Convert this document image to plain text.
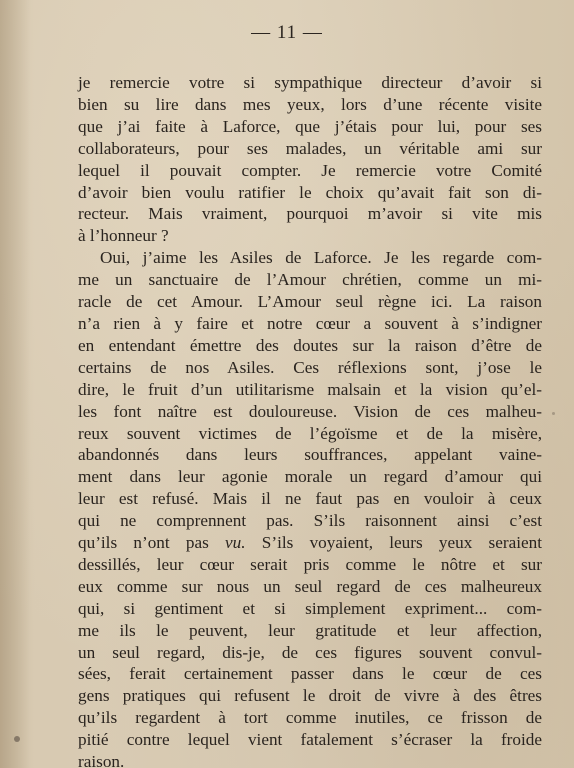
— 11 —
je remercie votre si sympathique directeur d’avoir si
bien su lire dans mes yeux, lors d’une récente visite
que j’ai faite à Laforce, que j’étais pour lui, pour ses
collaborateurs, pour ses malades, un véritable ami sur
lequel il pouvait compter. Je remercie votre Comité
d’avoir bien voulu ratifier le choix qu’avait fait son di-
recteur. Mais vraiment, pourquoi m’avoir si vite mis
à l’honneur ?
Oui, j’aime les Asiles de Laforce. Je les regarde com-
me un sanctuaire de l’Amour chrétien, comme un mi-
racle de cet Amour. L’Amour seul règne ici. La raison
n’a rien à y faire et notre cœur a souvent à s’indigner
en entendant émettre des doutes sur la raison d’être de
certains de nos Asiles. Ces réflexions sont, j’ose le
dire, le fruit d’un utilitarisme malsain et la vision qu’el-
les font naître est douloureuse. Vision de ces malheu-
reux souvent victimes de l’égoïsme et de la misère,
abandonnés dans leurs souffrances, appelant vaine-
ment dans leur agonie morale un regard d’amour qui
leur est refusé. Mais il ne faut pas en vouloir à ceux
qui ne comprennent pas. S’ils raisonnent ainsi c’est
qu’ils n’ont pas vu. S’ils voyaient, leurs yeux seraient
dessillés, leur cœur serait pris comme le nôtre et sur
eux comme sur nous un seul regard de ces malheureux
qui, si gentiment et si simplement expriment... com-
me ils le peuvent, leur gratitude et leur affection,
un seul regard, dis-je, de ces figures souvent convul-
sées, ferait certainement passer dans le cœur de ces
gens pratiques qui refusent le droit de vivre à des êtres
qu’ils regardent à tort comme inutiles, ce frisson de
pitié contre lequel vient fatalement s’écraser la froide
raison.
